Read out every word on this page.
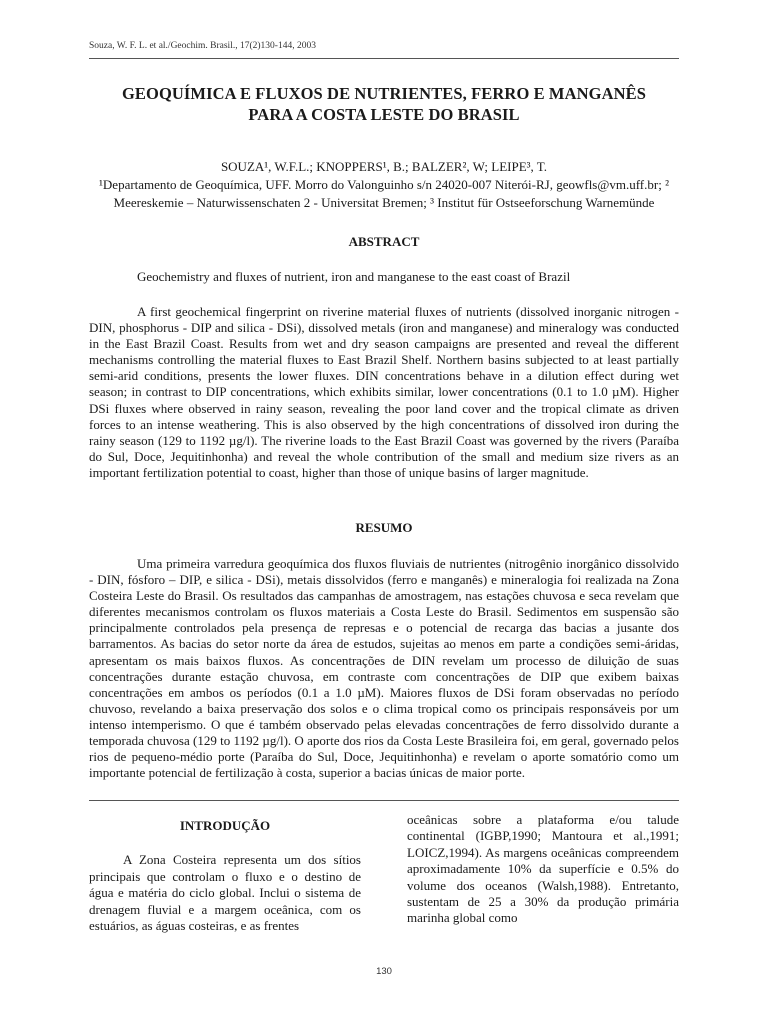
Souza, W. F. L. et al./Geochim. Brasil., 17(2)130-144, 2003
GEOQUÍMICA E FLUXOS DE NUTRIENTES, FERRO E MANGANÊS
PARA A COSTA LESTE DO BRASIL
SOUZA¹, W.F.L.; KNOPPERS¹, B.; BALZER², W; LEIPE³, T.
¹Departamento de Geoquímica, UFF. Morro do Valonguinho s/n 24020-007 Niterói-RJ, geowfls@vm.uff.br; ² Meereskemie – Naturwissenschaten 2 - Universitat Bremen; ³ Institut für Ostseeforschung Warnemünde
ABSTRACT
Geochemistry and fluxes of nutrient, iron and manganese to the east coast of Brazil

A first geochemical fingerprint on riverine material fluxes of nutrients (dissolved inorganic nitrogen - DIN, phosphorus - DIP and silica - DSi), dissolved metals (iron and manganese) and mineralogy was conducted in the East Brazil Coast. Results from wet and dry season campaigns are presented and reveal the different mechanisms controlling the material fluxes to East Brazil Shelf. Northern basins subjected to at least partially semi-arid conditions, presents the lower fluxes. DIN concentrations behave in a dilution effect during wet season; in contrast to DIP concentrations, which exhibits similar, lower concentrations (0.1 to 1.0 µM). Higher DSi fluxes where observed in rainy season, revealing the poor land cover and the tropical climate as driven forces to an intense weathering. This is also observed by the high concentrations of dissolved iron during the rainy season (129 to 1192 µg/l). The riverine loads to the East Brazil Coast was governed by the rivers (Paraíba do Sul, Doce, Jequitinhonha) and reveal the whole contribution of the small and medium size rivers as an important fertilization potential to coast, higher than those of unique basins of larger magnitude.

RESUMO

Uma primeira varredura geoquímica dos fluxos fluviais de nutrientes (nitrogênio inorgânico dissolvido - DIN, fósforo – DIP, e silica - DSi), metais dissolvidos (ferro e manganês) e mineralogia foi realizada na Zona Costeira Leste do Brasil. Os resultados das campanhas de amostragem, nas estações chuvosa e seca revelam que diferentes mecanismos controlam os fluxos materiais a Costa Leste do Brasil. Sedimentos em suspensão são principalmente controlados pela presença de represas e o potencial de recarga das bacias a jusante dos barramentos. As bacias do setor norte da área de estudos, sujeitas ao menos em parte a condições semi-áridas, apresentam os mais baixos fluxos. As concentrações de DIN revelam um processo de diluição de suas concentrações durante estação chuvosa, em contraste com concentrações de DIP que exibem baixas concentrações em ambos os períodos (0.1 a 1.0 µM). Maiores fluxos de DSi foram observadas no período chuvoso, revelando a baixa preservação dos solos e o clima tropical como os principais responsáveis por um intenso intemperismo. O que é também observado pelas elevadas concentrações de ferro dissolvido durante a temporada chuvosa (129 to 1192 µg/l). O aporte dos rios da Costa Leste Brasileira foi, em geral, governado pelos rios de pequeno-médio porte (Paraíba do Sul, Doce, Jequitinhonha) e revelam o aporte somatório como um importante potencial de fertilização à costa, superior a bacias únicas de maior porte.

INTRODUÇÃO

A Zona Costeira representa um dos sítios principais que controlam o fluxo e o destino de água e matéria do ciclo global. Inclui o sistema de drenagem fluvial e a margem oceânica, com os estuários, as águas costeiras, e as frentes

oceânicas sobre a plataforma e/ou talude continental (IGBP,1990; Mantoura et al.,1991; LOICZ,1994). As margens oceânicas compreendem aproximadamente 10% da superfície e 0.5% do volume dos oceanos (Walsh,1988). Entretanto, sustentam de 25 a 30% da produção primária marinha global como

130
